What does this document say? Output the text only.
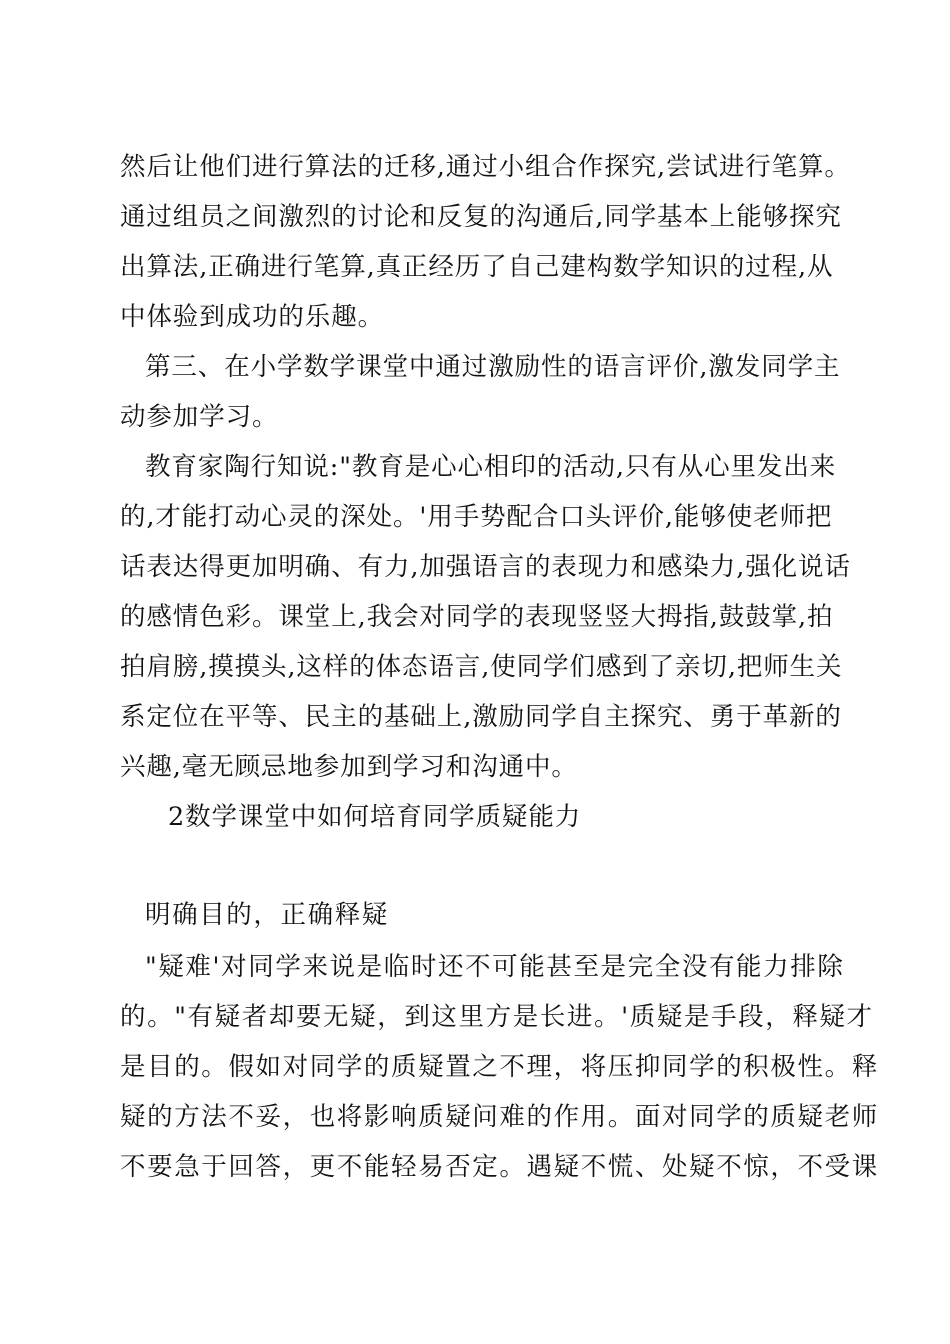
然后让他们进行算法的迁移,通过小组合作探究,尝试进行笔算。
通过组员之间激烈的讨论和反复的沟通后,同学基本上能够探究
出算法,正确进行笔算,真正经历了自己建构数学知识的过程,从
中体验到成功的乐趣。
第三、在小学数学课堂中通过激励性的语言评价,激发同学主
动参加学习。
教育家陶行知说:"教育是心心相印的活动,只有从心里发出来
的,才能打动心灵的深处。'用手势配合口头评价,能够使老师把
话表达得更加明确、有力,加强语言的表现力和感染力,强化说话
的感情色彩。课堂上,我会对同学的表现竖竖大拇指,鼓鼓掌,拍
拍肩膀,摸摸头,这样的体态语言,使同学们感到了亲切,把师生关
系定位在平等、民主的基础上,激励同学自主探究、勇于革新的
兴趣,毫无顾忌地参加到学习和沟通中。
2数学课堂中如何培育同学质疑能力
明确目的，正确释疑
"疑难'对同学来说是临时还不可能甚至是完全没有能力排除
的。"有疑者却要无疑，到这里方是长进。'质疑是手段，释疑才
是目的。假如对同学的质疑置之不理，将压抑同学的积极性。释
疑的方法不妥，也将影响质疑问难的作用。面对同学的质疑老师
不要急于回答，更不能轻易否定。遇疑不慌、处疑不惊，不受课
